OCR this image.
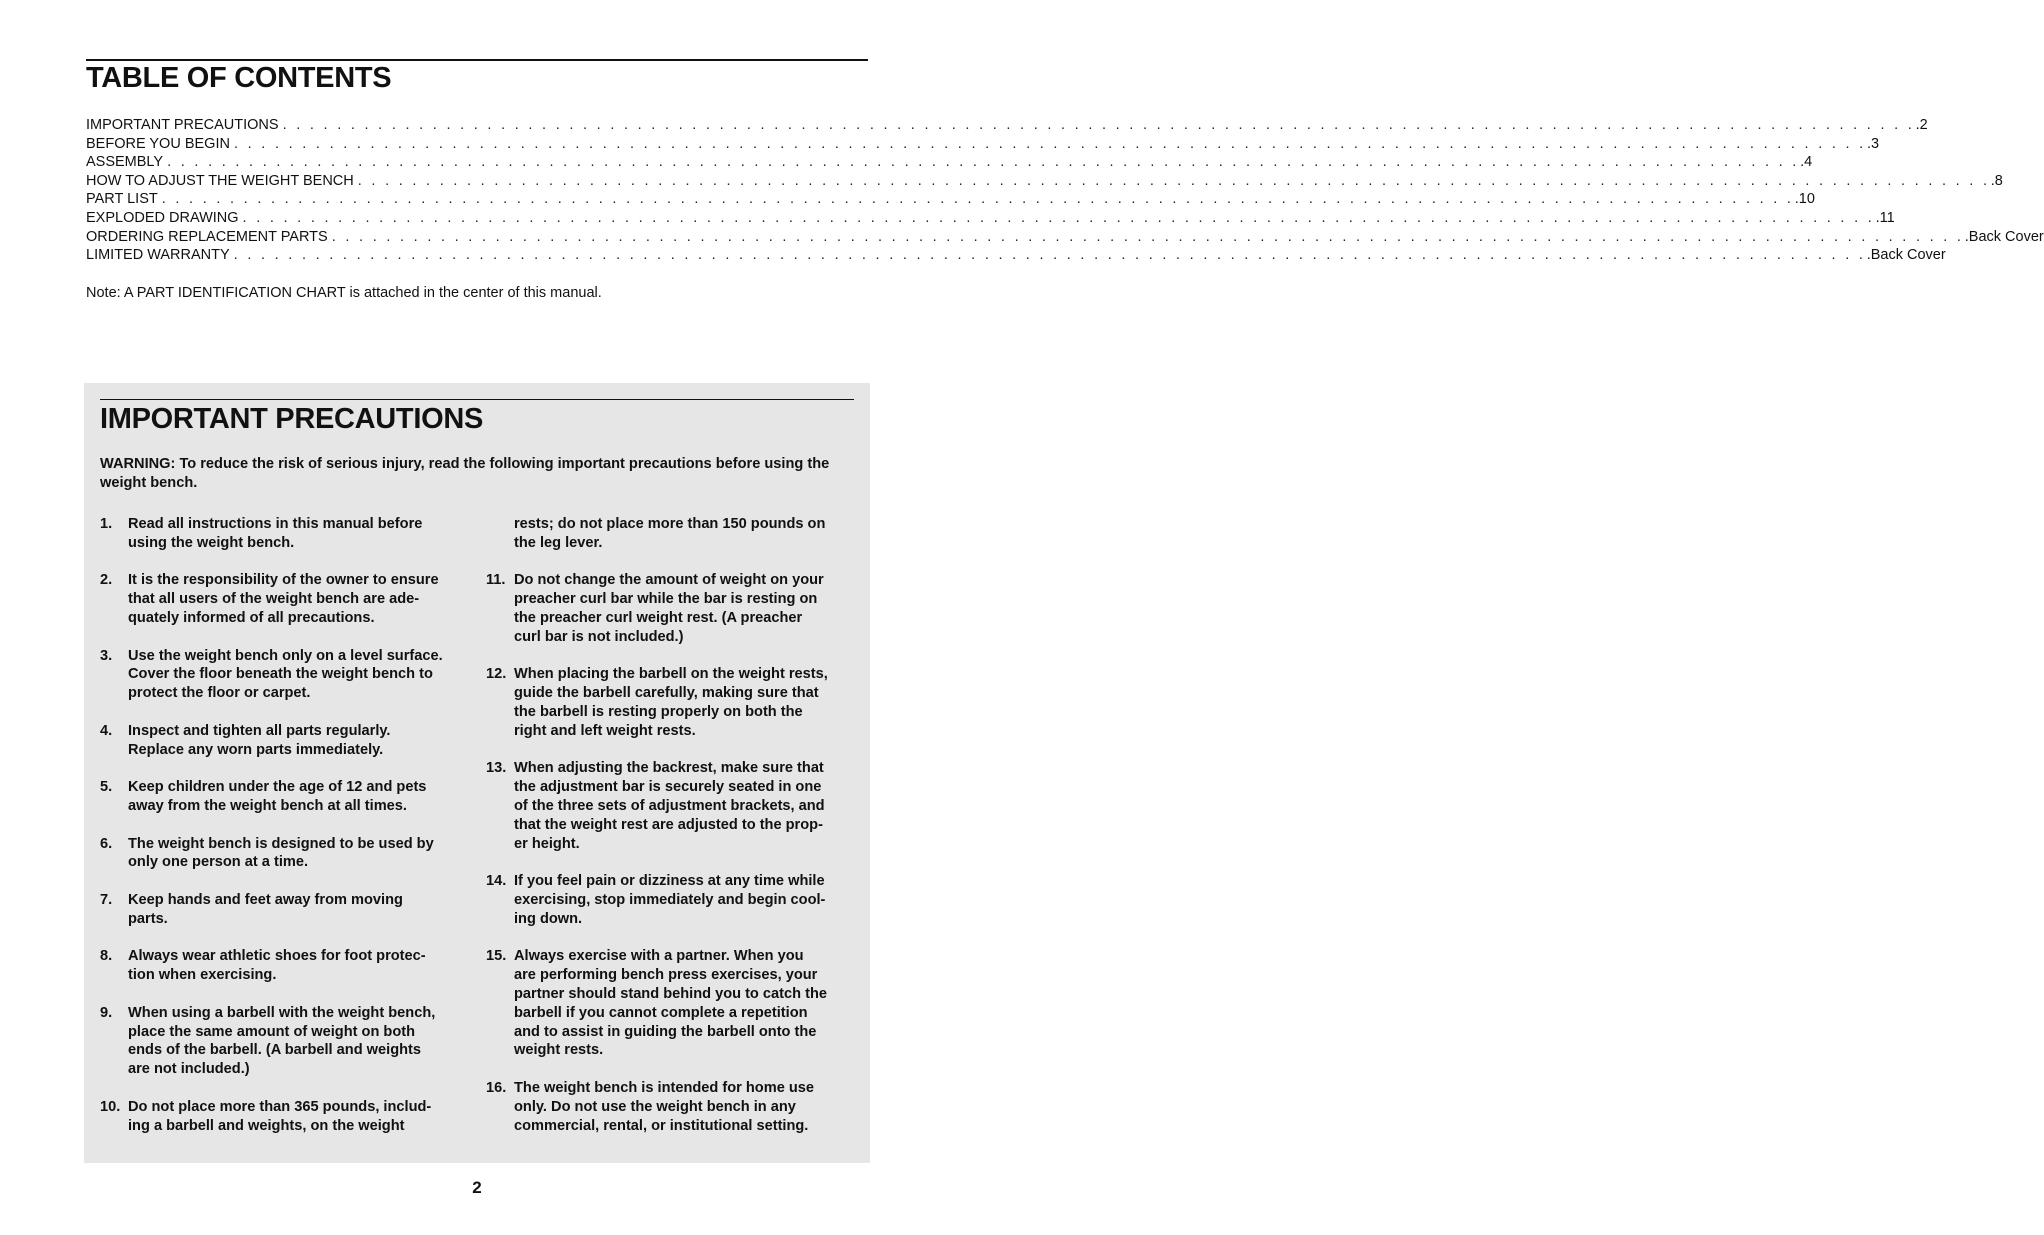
TABLE OF CONTENTS
IMPORTANT PRECAUTIONS . . . . . . . . . . . . . . . . . . . . . . . . . . . . . . . . . . . . . . . . . . . . . . . . . . . . . . . . . . . . . . . . . . . . . . . . . . . . . . . . . . . . . . . . . . . . . . . . . . . . . . . . . . . . . . . . . . . . . . . . .2
BEFORE YOU BEGIN . . . . . . . . . . . . . . . . . . . . . . . . . . . . . . . . . . . . . . . . . . . . . . . . . . . . . . . . . . . . . . . . . . . . . . . . . . . . . . . . . . . . . . . . . . . . . . . . . . . . . . . . . . . . . . . . . . . . . . . . .3
ASSEMBLY . . . . . . . . . . . . . . . . . . . . . . . . . . . . . . . . . . . . . . . . . . . . . . . . . . . . . . . . . . . . . . . . . . . . . . . . . . . . . . . . . . . . . . . . . . . . . . . . . . . . . . . . . . . . . . . . . . . . . . . . .4
HOW TO ADJUST THE WEIGHT BENCH . . . . . . . . . . . . . . . . . . . . . . . . . . . . . . . . . . . . . . . . . . . . . . . . . . . . . . . . . . . . . . . . . . . . . . . . . . . . . . . . . . . . . . . . . . . . . . . . . . . . . . . . . . . . . . . . . . . . . . . . .8
PART LIST . . . . . . . . . . . . . . . . . . . . . . . . . . . . . . . . . . . . . . . . . . . . . . . . . . . . . . . . . . . . . . . . . . . . . . . . . . . . . . . . . . . . . . . . . . . . . . . . . . . . . . . . . . . . . . . . . . . . . . . . .10
EXPLODED DRAWING . . . . . . . . . . . . . . . . . . . . . . . . . . . . . . . . . . . . . . . . . . . . . . . . . . . . . . . . . . . . . . . . . . . . . . . . . . . . . . . . . . . . . . . . . . . . . . . . . . . . . . . . . . . . . . . . . . . . . . . . .11
ORDERING REPLACEMENT PARTS . . . . . . . . . . . . . . . . . . . . . . . . . . . . . . . . . . . . . . . . . . . . . . . . . . . . . . . . . . . . . . . . . . . . . . . . . . . . . . . . . . . . . . . . . . . . . . . . . . . . . . . . . . . . . . . . . . . . . . . . .Back Cover
LIMITED WARRANTY . . . . . . . . . . . . . . . . . . . . . . . . . . . . . . . . . . . . . . . . . . . . . . . . . . . . . . . . . . . . . . . . . . . . . . . . . . . . . . . . . . . . . . . . . . . . . . . . . . . . . . . . . . . . . . . . . . . . . . . . .Back Cover
Note: A PART IDENTIFICATION CHART is attached in the center of this manual.
IMPORTANT PRECAUTIONS

WARNING: To reduce the risk of serious injury, read the following important precautions before using the weight bench.

1.	Read all instructions in this manual before
using the weight bench.
2.	It is the responsibility of the owner to ensure
that all users of the weight bench are ade-
quately informed of all precautions.
3.	Use the weight bench only on a level surface.
Cover the floor beneath the weight bench to
protect the floor or carpet.
4.	Inspect and tighten all parts regularly.
Replace any worn parts immediately.
5.	Keep children under the age of 12 and pets
away from the weight bench at all times.
6.	The weight bench is designed to be used by
only one person at a time.
7.	Keep hands and feet away from moving
parts.
8.	Always wear athletic shoes for foot protec-
tion when exercising.
9.	When using a barbell with the weight bench,
place the same amount of weight on both
ends of the barbell. (A barbell and weights
are not included.)
10. Do not place more than 365 pounds, includ-
ing a barbell and weights, on the weight
rests; do not place more than 150 pounds on
the leg lever.
11. Do not change the amount of weight on your
preacher curl bar while the bar is resting on
the preacher curl weight rest. (A preacher
curl bar is not included.)
12. When placing the barbell on the weight rests,
guide the barbell carefully, making sure that
the barbell is resting properly on both the
right and left weight rests.
13. When adjusting the backrest, make sure that
the adjustment bar is securely seated in one
of the three sets of adjustment brackets, and
that the weight rest are adjusted to the prop-
er height.
14. If you feel pain or dizziness at any time while
exercising, stop immediately and begin cool-
ing down.
15. Always exercise with a partner. When you
are performing bench press exercises, your
partner should stand behind you to catch the
barbell if you cannot complete a repetition
and to assist in guiding the barbell onto the
weight rests.
16. The weight bench is intended for home use
only. Do not use the weight bench in any
commercial, rental, or institutional setting.
2
